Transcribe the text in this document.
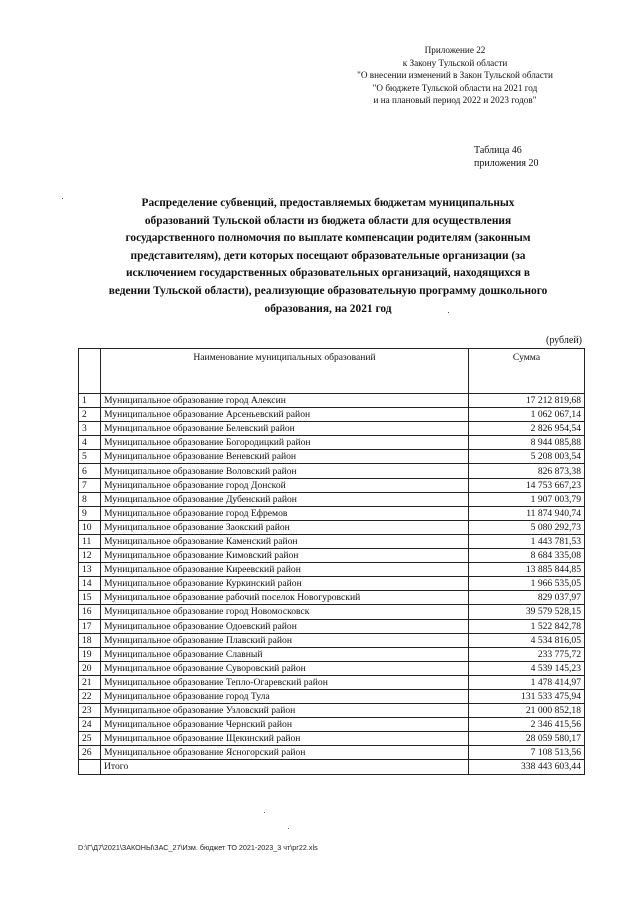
Приложение 22
к Закону Тульской области
"О внесении изменений в Закон Тульской области
"О бюджете Тульской области на 2021 год
и на плановый период 2022 и 2023 годов"
Таблица 46
приложения 20
Распределение субвенций, предоставляемых бюджетам муниципальных
образований Тульской области из бюджета области для осуществления
государственного полномочия по выплате компенсации родителям (законным
представителям), дети которых посещают образовательные организации (за
исключением государственных образовательных организаций, находящихся в
ведении Тульской области), реализующие образовательную программу дошкольного
образования, на 2021 год
(рублей)
	Наименование муниципальных образований	Сумма
1	Муниципальное образование город Алексин	17 212 819,68
2	Муниципальное образование Арсеньевский район	1 062 067,14
3	Муниципальное образование Белевский район	2 826 954,54
4	Муниципальное образование Богородицкий район	8 944 085,88
5	Муниципальное образование Веневский район	5 208 003,54
6	Муниципальное образование Воловский район	826 873,38
7	Муниципальное образование город Донской	14 753 667,23
8	Муниципальное образование Дубенский район	1 907 003,79
9	Муниципальное образование город Ефремов	11 874 940,74
10	Муниципальное образование Заокский район	5 080 292,73
11	Муниципальное образование Каменский район	1 443 781,53
12	Муниципальное образование Кимовский район	8 684 335,08
13	Муниципальное образование Киреевский район	13 885 844,85
14	Муниципальное образование Куркинский район	1 966 535,05
15	Муниципальное образование рабочий поселок Новогуровский	829 037,97
16	Муниципальное образование город Новомосковск	39 579 528,15
17	Муниципальное образование Одоевский район	1 522 842,78
18	Муниципальное образование Плавский район	4 534 816,05
19	Муниципальное образование Славный	233 775,72
20	Муниципальное образование Суворовский район	4 539 145,23
21	Муниципальное образование Тепло-Огаревский район	1 478 414,97
22	Муниципальное образование город Тула	131 533 475,94
23	Муниципальное образование Узловский район	21 000 852,18
24	Муниципальное образование Чернский район	2 346 415,56
25	Муниципальное образование Щекинский район	28 059 580,17
26	Муниципальное образование Ясногорский район	7 108 513,56
	Итого	338 443 603,44
D:\Г\Д7\2021\ЗАКОНЫ\ЗАС_27\Изм. бюджет ТО 2021-2023_3 чт\рг22.xls
